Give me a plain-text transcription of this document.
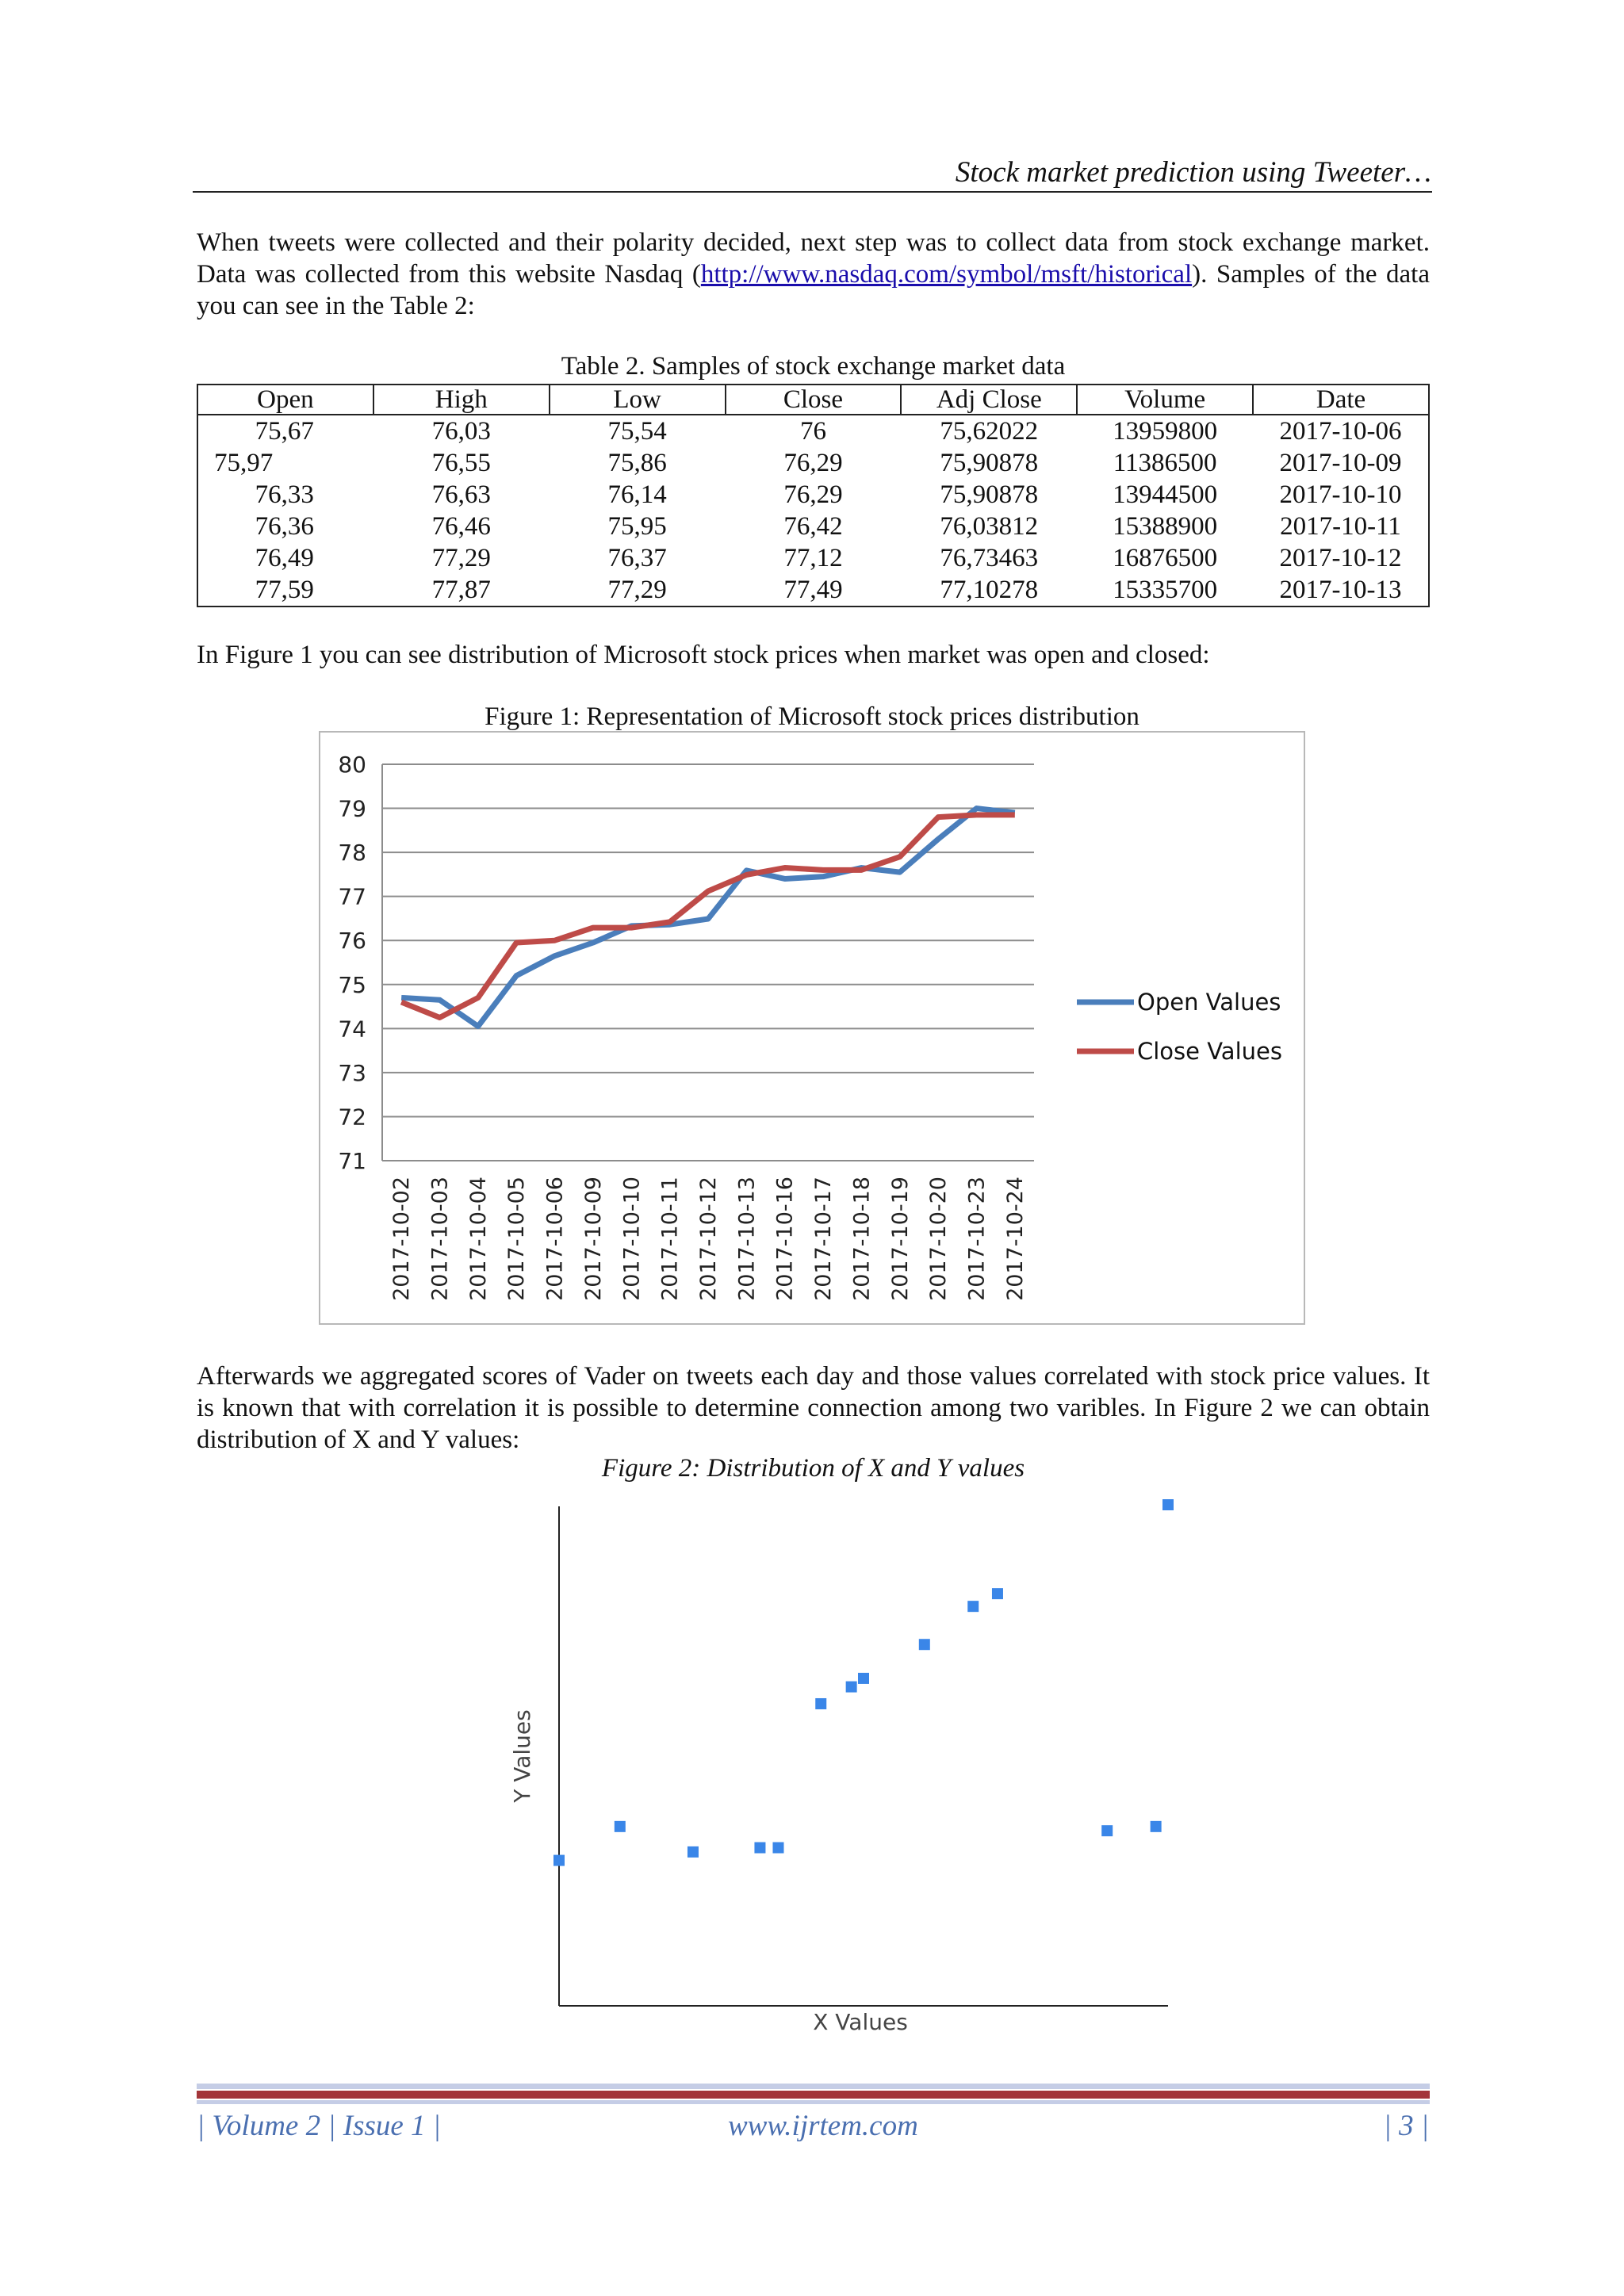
Stock market prediction using Tweeter…
When tweets were collected and their polarity decided, next step was to collect data from stock exchange market. Data was collected from this website Nasdaq (http://www.nasdaq.com/symbol/msft/historical). Samples of the data you can see in the Table 2:
Table 2. Samples of stock exchange market data
Open	High	Low	Close	Adj Close	Volume	Date
75,67	76,03	75,54	76	75,62022	13959800	2017-10-06
75,97	76,55	75,86	76,29	75,90878	11386500	2017-10-09
76,33	76,63	76,14	76,29	75,90878	13944500	2017-10-10
76,36	76,46	75,95	76,42	76,03812	15388900	2017-10-11
76,49	77,29	76,37	77,12	76,73463	16876500	2017-10-12
77,59	77,87	77,29	77,49	77,10278	15335700	2017-10-13
In Figure 1 you can see distribution of Microsoft stock prices when market was open and closed:
Figure 1: Representation of Microsoft stock prices distribution
71
72
73
74
75
76
77
78
79
80
2017-10-02 2017-10-03 2017-10-04 2017-10-05 2017-10-06 2017-10-09 2017-10-10 2017-10-11 2017-10-12 2017-10-13 2017-10-16 2017-10-17 2017-10-18 2017-10-19 2017-10-20 2017-10-23 2017-10-24
Open Values
Close Values
Afterwards we aggregated scores of Vader on tweets each day and those values correlated with stock price values. It is known that with correlation it is possible to determine connection among two varibles. In Figure 2 we can obtain distribution of X and Y values:
Figure 2: Distribution of X and Y values
X Values
Y Values
| Volume 2 | Issue 1 |	www.ijrtem.com	| 3 |
